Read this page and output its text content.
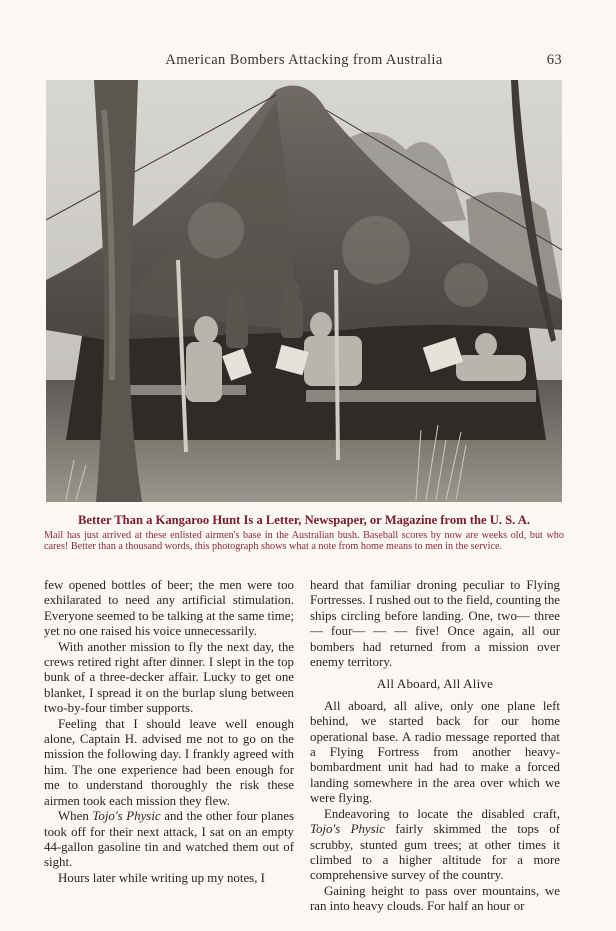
American Bombers Attacking from Australia	63
Better Than a Kangaroo Hunt Is a Letter, Newspaper, or Magazine from the U. S. A.
Mail has just arrived at these enlisted airmen's base in the Australian bush. Baseball scores by now are weeks old, but who cares! Better than a thousand words, this photograph shows what a note from home means to men in the service.

few opened bottles of beer; the men were too exhilarated to need any artificial stimulation. Everyone seemed to be talking at the same time; yet no one raised his voice unnecessarily.

With another mission to fly the next day, the crews retired right after dinner. I slept in the top bunk of a three-decker affair. Lucky to get one blanket, I spread it on the burlap slung between two-by-four timber supports.

Feeling that I should leave well enough alone, Captain H. advised me not to go on the mission the following day. I frankly agreed with him. The one experience had been enough for me to understand thoroughly the risk these airmen took each mission they flew.

When Tojo's Physic and the other four planes took off for their next attack, I sat on an empty 44-gallon gasoline tin and watched them out of sight.

Hours later while writing up my notes, I

heard that familiar droning peculiar to Flying Fortresses. I rushed out to the field, counting the ships circling before landing. One, two— three— four— — — five! Once again, all our bombers had returned from a mission over enemy territory.

All Aboard, All Alive

All aboard, all alive, only one plane left behind, we started back for our home operational base. A radio message reported that a Flying Fortress from another heavy-bombardment unit had had to make a forced landing somewhere in the area over which we were flying.

Endeavoring to locate the disabled craft, Tojo's Physic fairly skimmed the tops of scrubby, stunted gum trees; at other times it climbed to a higher altitude for a more comprehensive survey of the country.

Gaining height to pass over mountains, we ran into heavy clouds. For half an hour or
